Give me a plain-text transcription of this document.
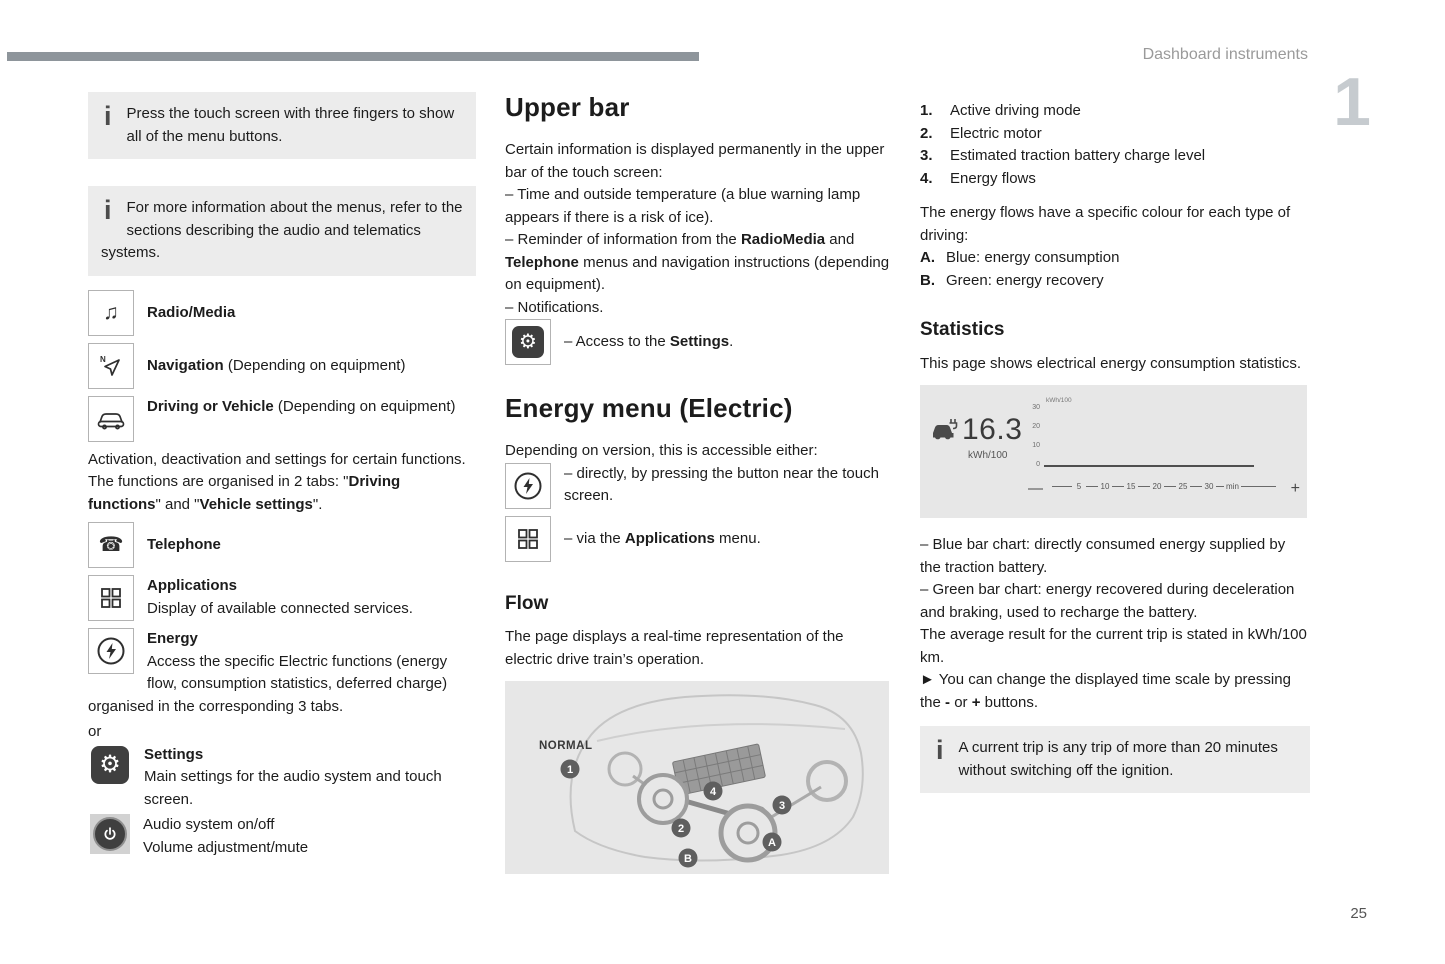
Dashboard instruments
1
25
i Press the touch screen with three fingers to show all of the menu buttons.
i For more information about the menus, refer to the sections describing the audio and telematics systems.
♫	Radio/Media
N	Navigation (Depending on equipment)
Driving or Vehicle (Depending on equipment)

Activation, deactivation and settings for certain functions.

The functions are organised in 2 tabs: "Driving functions" and "Vehicle settings".

☎	Telephone
Applications
Display of available connected services.
Energy
Access the specific Electric functions (energy flow, consumption statistics, deferred charge) organised in the corresponding 3 tabs.

or

⚙	Settings
Main settings for the audio system and touch screen.
Audio system on/off
Volume adjustment/mute
Upper bar

Certain information is displayed permanently in the upper bar of the touch screen:

– Time and outside temperature (a blue warning lamp appears if there is a risk of ice).

– Reminder of information from the RadioMedia and Telephone menus and navigation instructions (depending on equipment).

– Notifications.

⚙	– Access to the Settings.
Energy menu (Electric)

Depending on version, this is accessible either:

– directly, by pressing the button near the touch screen.
– via the Applications menu.
Flow

The page displays a real-time representation of the electric drive train’s operation.

NORMAL
1
4
2
3
A
B
1. Active driving mode
2. Electric motor
3. Estimated traction battery charge level
4. Energy flows

The energy flows have a specific colour for each type of driving:

A. Blue: energy consumption
B. Green: energy recovery
Statistics

This page shows electrical energy consumption statistics.

16.3
kWh/100
kWh/100
30
20
10
0
—	5	10	15	20	25	30	min	+

– Blue bar chart: directly consumed energy supplied by the traction battery.

– Green bar chart: energy recovered during deceleration and braking, used to recharge the battery.

The average result for the current trip is stated in kWh/100 km.

► You can change the displayed time scale by pressing the - or + buttons.

i A current trip is any trip of more than 20 minutes without switching off the ignition.
